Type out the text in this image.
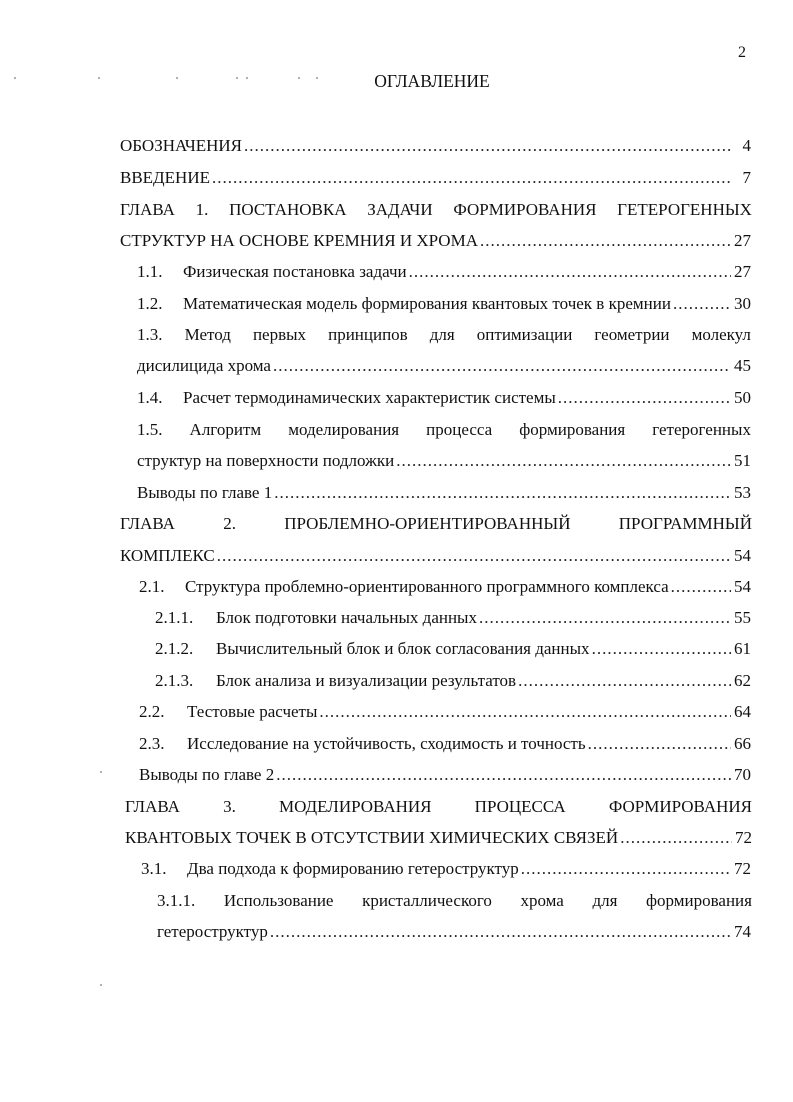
2
ОГЛАВЛЕНИЕ
ОБОЗНАЧЕНИЯ .....	4
ВВЕДЕНИЕ .....	7
ГЛАВА 1. ПОСТАНОВКА ЗАДАЧИ ФОРМИРОВАНИЯ ГЕТЕРОГЕННЫХ
СТРУКТУР НА ОСНОВЕ КРЕМНИЯ И ХРОМА .....	27
1.1.	Физическая постановка задачи .....	27
1.2.	Математическая модель формирования квантовых точек в кремнии .....	30
1.3. Метод первых принципов для оптимизации геометрии молекул
дисилицида хрома .....	45
1.4.	Расчет термодинамических характеристик системы .....	50
1.5. Алгоритм моделирования процесса формирования гетерогенных
структур на поверхности подложки .....	51
Выводы по главе 1 .....	53
ГЛАВА	2.	ПРОБЛЕМНО-ОРИЕНТИРОВАННЫЙ	ПРОГРАММНЫЙ
КОМПЛЕКС .....	54
2.1.	Структура проблемно-ориентированного программного комплекса .....	54
2.1.1.	Блок подготовки начальных данных .....	55
2.1.2.	Вычислительный блок и блок согласования данных .....	61
2.1.3.	Блок анализа и визуализации результатов .....	62
2.2.	Тестовые расчеты .....	64
2.3.	Исследование на устойчивость, сходимость и точность .....	66
Выводы по главе 2 .....	70
ГЛАВА	3.	МОДЕЛИРОВАНИЯ	ПРОЦЕССА	ФОРМИРОВАНИЯ
КВАНТОВЫХ ТОЧЕК В ОТСУТСТВИИ ХИМИЧЕСКИХ СВЯЗЕЙ .....	72
3.1.	Два подхода к формированию гетероструктур .....	72
3.1.1. Использование кристаллического хрома для формирования
гетероструктур .....	74
